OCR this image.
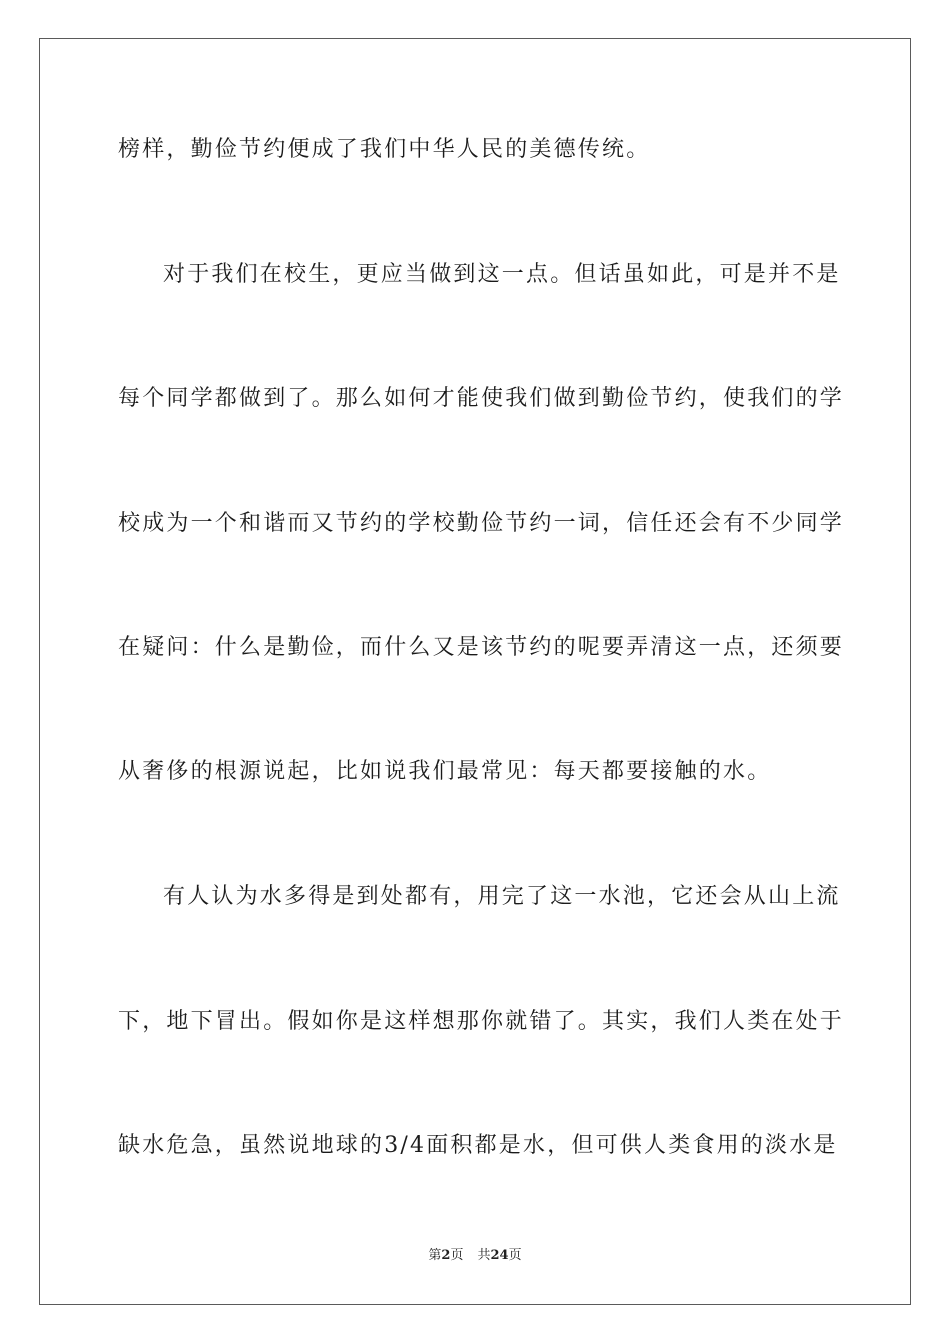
榜样，勤俭节约便成了我们中华人民的美德传统。
对于我们在校生，更应当做到这一点。但话虽如此，可是并不是
每个同学都做到了。那么如何才能使我们做到勤俭节约，使我们的学
校成为一个和谐而又节约的学校勤俭节约一词，信任还会有不少同学
在疑问：什么是勤俭，而什么又是该节约的呢要弄清这一点，还须要
从奢侈的根源说起，比如说我们最常见：每天都要接触的水。
有人认为水多得是到处都有，用完了这一水池，它还会从山上流
下，地下冒出。假如你是这样想那你就错了。其实，我们人类在处于
缺水危急，虽然说地球的3/4面积都是水，但可供人类食用的淡水是
第2页 共24页
